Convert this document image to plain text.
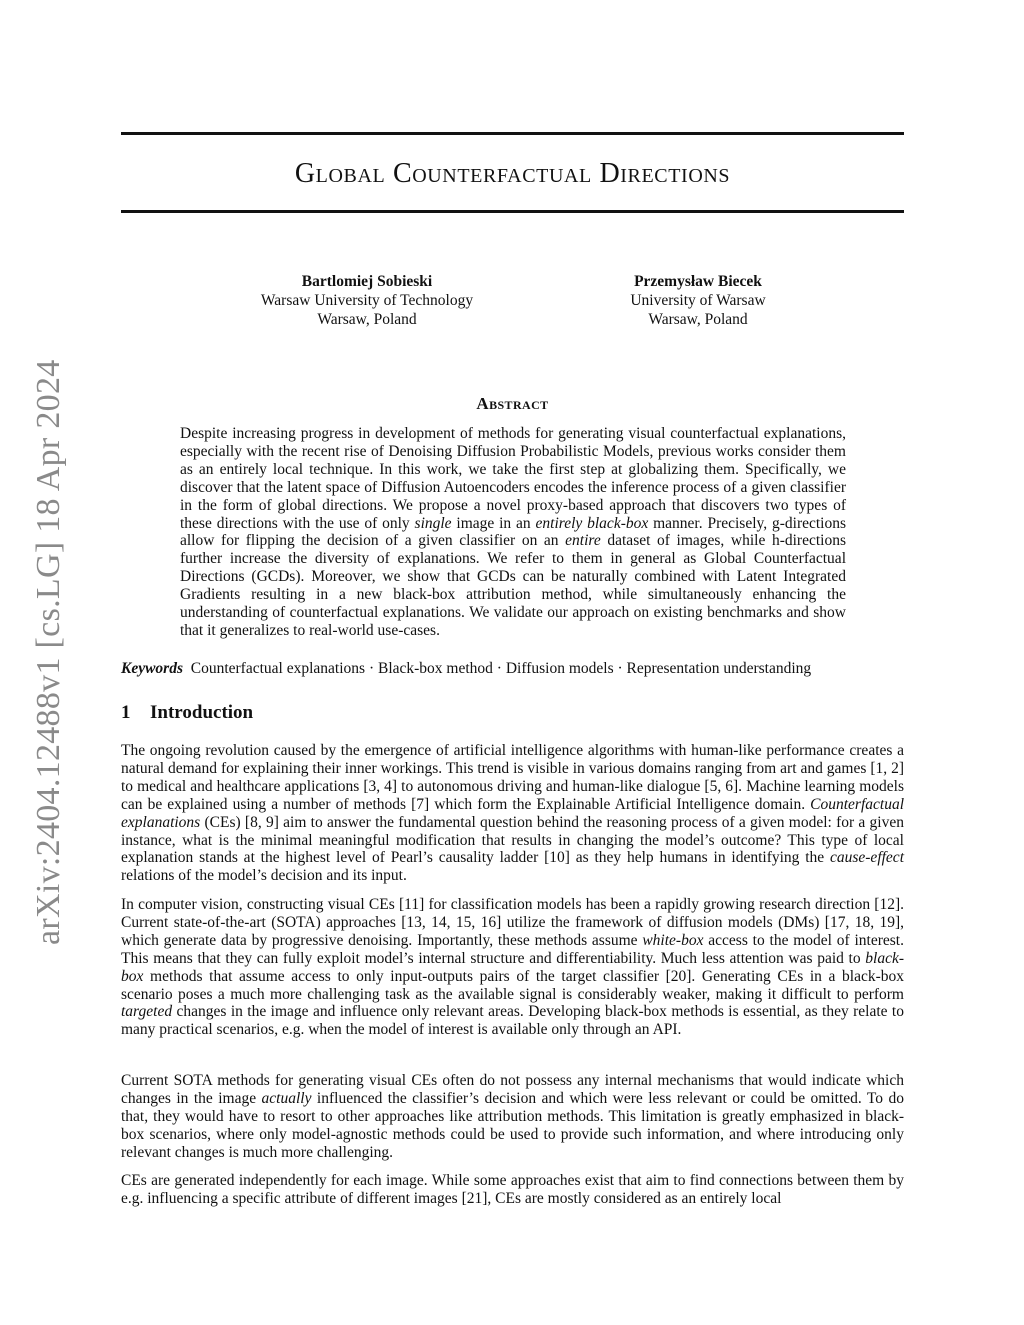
Global Counterfactual Directions
Bartlomiej Sobieski
Warsaw University of Technology
Warsaw, Poland
Przemysław Biecek
University of Warsaw
Warsaw, Poland
arXiv:2404.12488v1 [cs.LG] 18 Apr 2024	Abstract

Despite increasing progress in development of methods for generating visual counterfactual explanations, especially with the recent rise of Denoising Diffusion Probabilistic Models, previous works consider them as an entirely local technique. In this work, we take the first step at globalizing them. Specifically, we discover that the latent space of Diffusion Autoencoders encodes the inference process of a given classifier in the form of global directions. We propose a novel proxy-based approach that discovers two types of these directions with the use of only single image in an entirely black-box manner. Precisely, g-directions allow for flipping the decision of a given classifier on an entire dataset of images, while h-directions further increase the diversity of explanations. We refer to them in general as Global Counterfactual Directions (GCDs). Moreover, we show that GCDs can be naturally combined with Latent Integrated Gradients resulting in a new black-box attribution method, while simultaneously enhancing the understanding of counterfactual explanations. We validate our approach on existing benchmarks and show that it generalizes to real-world use-cases.

Keywords Counterfactual explanations · Black-box method · Diffusion models · Representation understanding

1 Introduction

The ongoing revolution caused by the emergence of artificial intelligence algorithms with human-like performance creates a natural demand for explaining their inner workings. This trend is visible in various domains ranging from art and games [1, 2] to medical and healthcare applications [3, 4] to autonomous driving and human-like dialogue [5, 6]. Machine learning models can be explained using a number of methods [7] which form the Explainable Artificial Intelligence domain. Counterfactual explanations (CEs) [8, 9] aim to answer the fundamental question behind the reasoning process of a given model: for a given instance, what is the minimal meaningful modification that results in changing the model’s outcome? This type of local explanation stands at the highest level of Pearl’s causality ladder [10] as they help humans in identifying the cause-effect relations of the model’s decision and its input.

In computer vision, constructing visual CEs [11] for classification models has been a rapidly growing research direction [12]. Current state-of-the-art (SOTA) approaches [13, 14, 15, 16] utilize the framework of diffusion models (DMs) [17, 18, 19], which generate data by progressive denoising. Importantly, these methods assume white-box access to the model of interest. This means that they can fully exploit model’s internal structure and differentiability. Much less attention was paid to black-box methods that assume access to only input-outputs pairs of the target classifier [20]. Generating CEs in a black-box scenario poses a much more challenging task as the available signal is considerably weaker, making it difficult to perform targeted changes in the image and influence only relevant areas. Developing black-box methods is essential, as they relate to many practical scenarios, e.g. when the model of interest is available only through an API.

Current SOTA methods for generating visual CEs often do not possess any internal mechanisms that would indicate which changes in the image actually influenced the classifier’s decision and which were less relevant or could be omitted. To do that, they would have to resort to other approaches like attribution methods. This limitation is greatly emphasized in black-box scenarios, where only model-agnostic methods could be used to provide such information, and where introducing only relevant changes is much more challenging.

CEs are generated independently for each image. While some approaches exist that aim to find connections between them by e.g. influencing a specific attribute of different images [21], CEs are mostly considered as an entirely local
